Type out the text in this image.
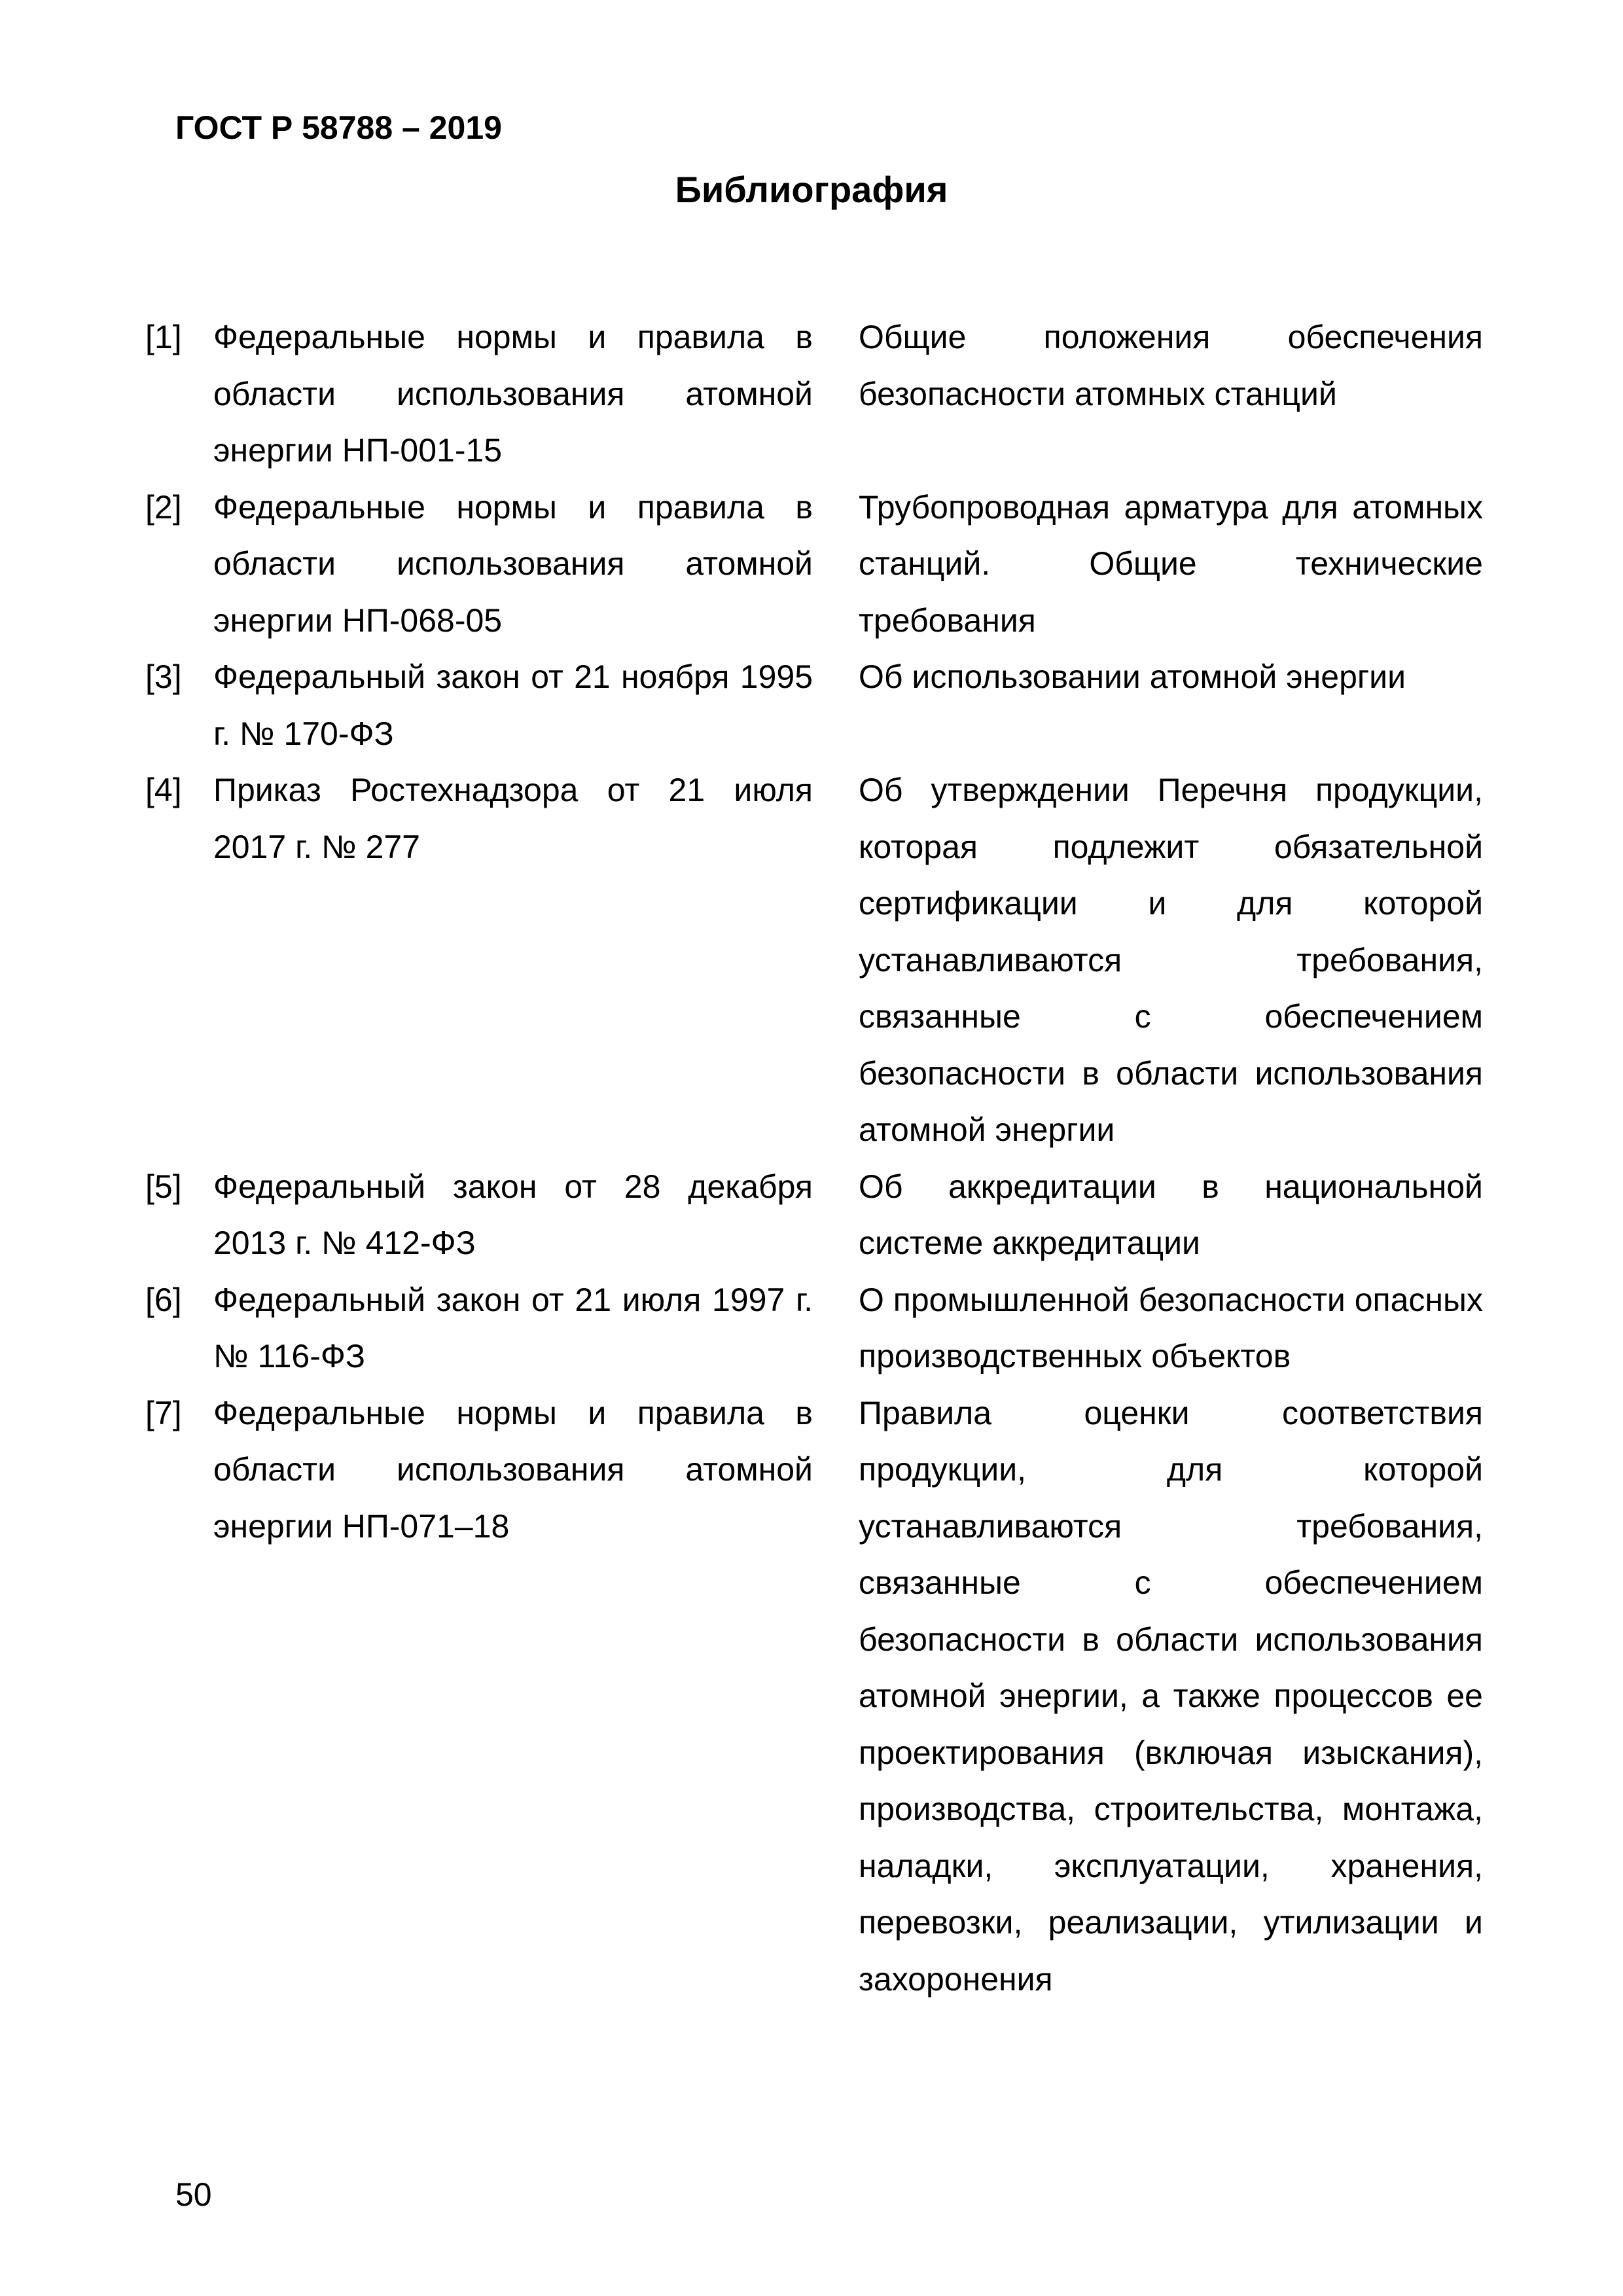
ГОСТ Р 58788 – 2019
Библиография
[1] Федеральные нормы и правила в области использования атомной энергии НП-001-15
Общие положения обеспечения безопасности атомных станций
[2] Федеральные нормы и правила в области использования атомной энергии НП-068-05
Трубопроводная арматура для атомных станций. Общие технические требования
[3] Федеральный закон от 21 ноября 1995 г. № 170-ФЗ
Об использовании атомной энергии
[4] Приказ Ростехнадзора от 21 июля 2017 г. № 277
Об утверждении Перечня продукции, которая подлежит обязательной сертификации и для которой устанавливаются требования, связанные с обеспечением безопасности в области использования атомной энергии
[5] Федеральный закон от 28 декабря 2013 г. № 412-ФЗ
Об аккредитации в национальной системе аккредитации
[6] Федеральный закон от 21 июля 1997 г. № 116-ФЗ
О промышленной безопасности опасных производственных объектов
[7] Федеральные нормы и правила в области использования атомной энергии НП-071–18
Правила оценки соответствия продукции, для которой устанавливаются требования, связанные с обеспечением безопасности в области использования атомной энергии, а также процессов ее проектирования (включая изыскания), производства, строительства, монтажа, наладки, эксплуатации, хранения, перевозки, реализации, утилизации и захоронения
50
